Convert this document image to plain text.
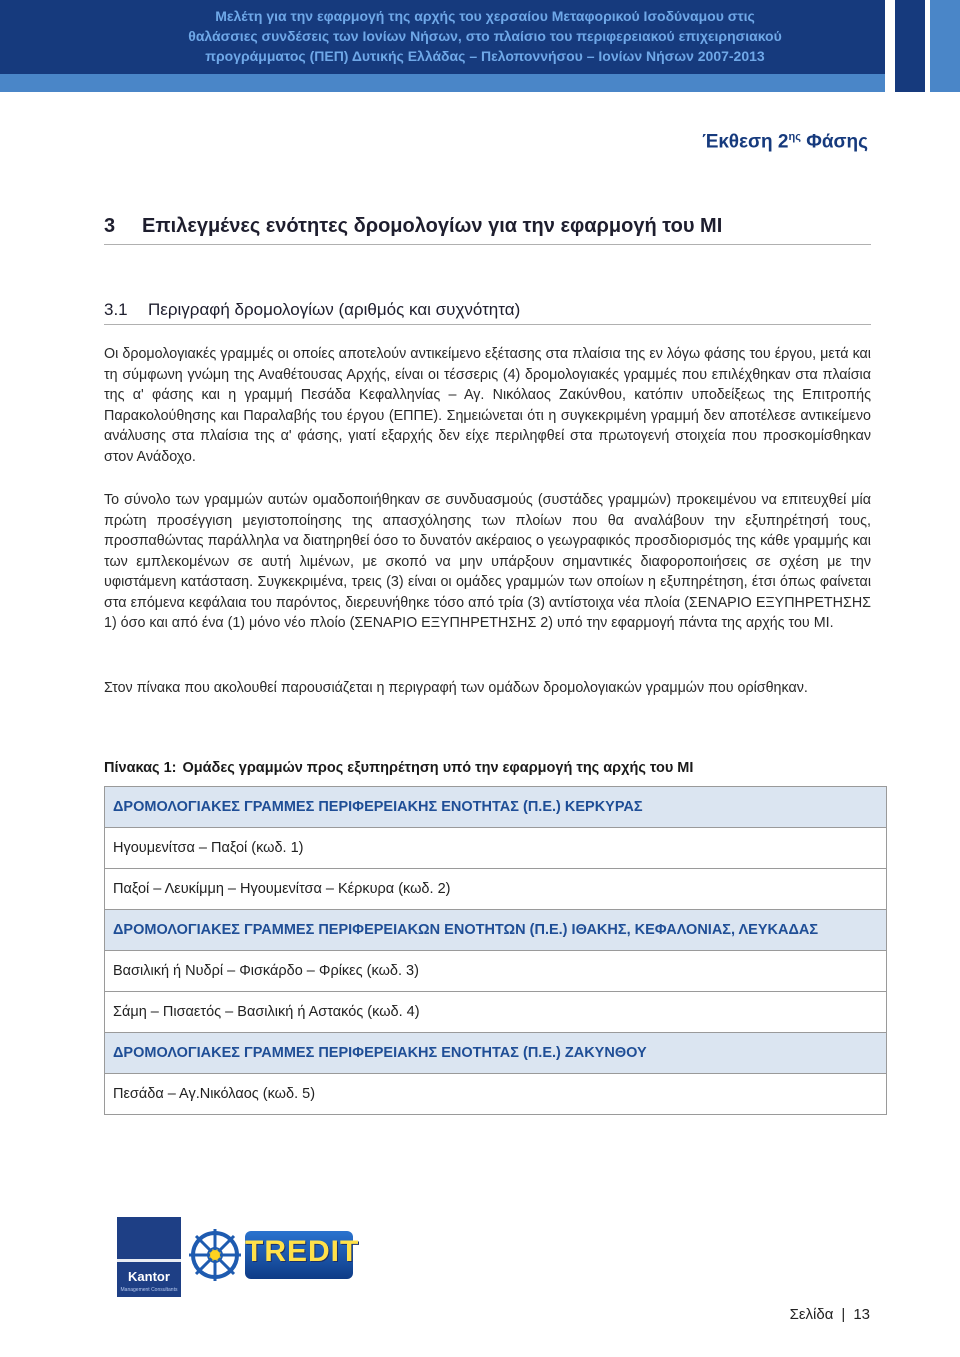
Μελέτη για την εφαρμογή της αρχής του χερσαίου Μεταφορικού Ισοδύναμου στις
θαλάσσιες συνδέσεις των Ιονίων Νήσων, στο πλαίσιο του περιφερειακού επιχειρησιακού
προγράμματος (ΠΕΠ) Δυτικής Ελλάδας – Πελοποννήσου – Ιονίων Νήσων 2007-2013
Έκθεση $2^{\eta\varsigma}$ Φάσης
3 Επιλεγμένες ενότητες δρομολογίων για την εφαρμογή του ΜΙ
3.1 Περιγραφή δρομολογίων (αριθμός και συχνότητα)
Οι δρομολογιακές γραμμές οι οποίες αποτελούν αντικείμενο εξέτασης στα πλαίσια της εν λόγω φάσης του έργου, μετά και τη σύμφωνη γνώμη της Αναθέτουσας Αρχής, είναι οι τέσσερις (4) δρομολογιακές γραμμές που επιλέχθηκαν στα πλαίσια της α' φάσης και η γραμμή Πεσάδα Κεφαλληνίας – Αγ. Νικόλαος Ζακύνθου, κατόπιν υποδείξεως της Επιτροπής Παρακολούθησης και Παραλαβής του έργου (ΕΠΠΕ). Σημειώνεται ότι η συγκεκριμένη γραμμή δεν αποτέλεσε αντικείμενο ανάλυσης στα πλαίσια της α' φάσης, γιατί εξαρχής δεν είχε περιληφθεί στα πρωτογενή στοιχεία που προσκομίσθηκαν στον Ανάδοχο.
Το σύνολο των γραμμών αυτών ομαδοποιήθηκαν σε συνδυασμούς (συστάδες γραμμών) προκειμένου να επιτευχθεί μία πρώτη προσέγγιση μεγιστοποίησης της απασχόλησης των πλοίων που θα αναλάβουν την εξυπηρέτησή τους, προσπαθώντας παράλληλα να διατηρηθεί όσο το δυνατόν ακέραιος ο γεωγραφικός προσδιορισμός της κάθε γραμμής και των εμπλεκομένων σε αυτή λιμένων, με σκοπό να μην υπάρξουν σημαντικές διαφοροποιήσεις σε σχέση με την υφιστάμενη κατάσταση. Συγκεκριμένα, τρεις (3) είναι οι ομάδες γραμμών των οποίων η εξυπηρέτηση, έτσι όπως φαίνεται στα επόμενα κεφάλαια του παρόντος, διερευνήθηκε τόσο από τρία (3) αντίστοιχα νέα πλοία (ΣΕΝΑΡΙΟ ΕΞΥΠΗΡΕΤΗΣΗΣ 1) όσο και από ένα (1) μόνο νέο πλοίο (ΣΕΝΑΡΙΟ ΕΞΥΠΗΡΕΤΗΣΗΣ 2) υπό την εφαρμογή πάντα της αρχής του ΜΙ.
Στον πίνακα που ακολουθεί παρουσιάζεται η περιγραφή των ομάδων δρομολογιακών γραμμών που ορίσθηκαν.
Πίνακας 1: Ομάδες γραμμών προς εξυπηρέτηση υπό την εφαρμογή της αρχής του ΜΙ
ΔΡΟΜΟΛΟΓΙΑΚΕΣ ΓΡΑΜΜΕΣ ΠΕΡΙΦΕΡΕΙΑΚΗΣ ΕΝΟΤΗΤΑΣ (Π.Ε.) ΚΕΡΚΥΡΑΣ
Ηγουμενίτσα – Παξοί (κωδ. 1)
Παξοί – Λευκίμμη – Ηγουμενίτσα – Κέρκυρα (κωδ. 2)
ΔΡΟΜΟΛΟΓΙΑΚΕΣ ΓΡΑΜΜΕΣ ΠΕΡΙΦΕΡΕΙΑΚΩΝ ΕΝΟΤΗΤΩΝ (Π.Ε.) ΙΘΑΚΗΣ, ΚΕΦΑΛΟΝΙΑΣ, ΛΕΥΚΑΔΑΣ
Βασιλική ή Νυδρί – Φισκάρδο – Φρίκες (κωδ. 3)
Σάμη – Πισαετός – Βασιλική ή Αστακός (κωδ. 4)
ΔΡΟΜΟΛΟΓΙΑΚΕΣ ΓΡΑΜΜΕΣ ΠΕΡΙΦΕΡΕΙΑΚΗΣ ΕΝΟΤΗΤΑΣ (Π.Ε.) ΖΑΚΥΝΘΟΥ
Πεσάδα – Αγ.Νικόλαος (κωδ. 5)
Kantor
Management Consultants
TREDIT
Σελίδα | 13
